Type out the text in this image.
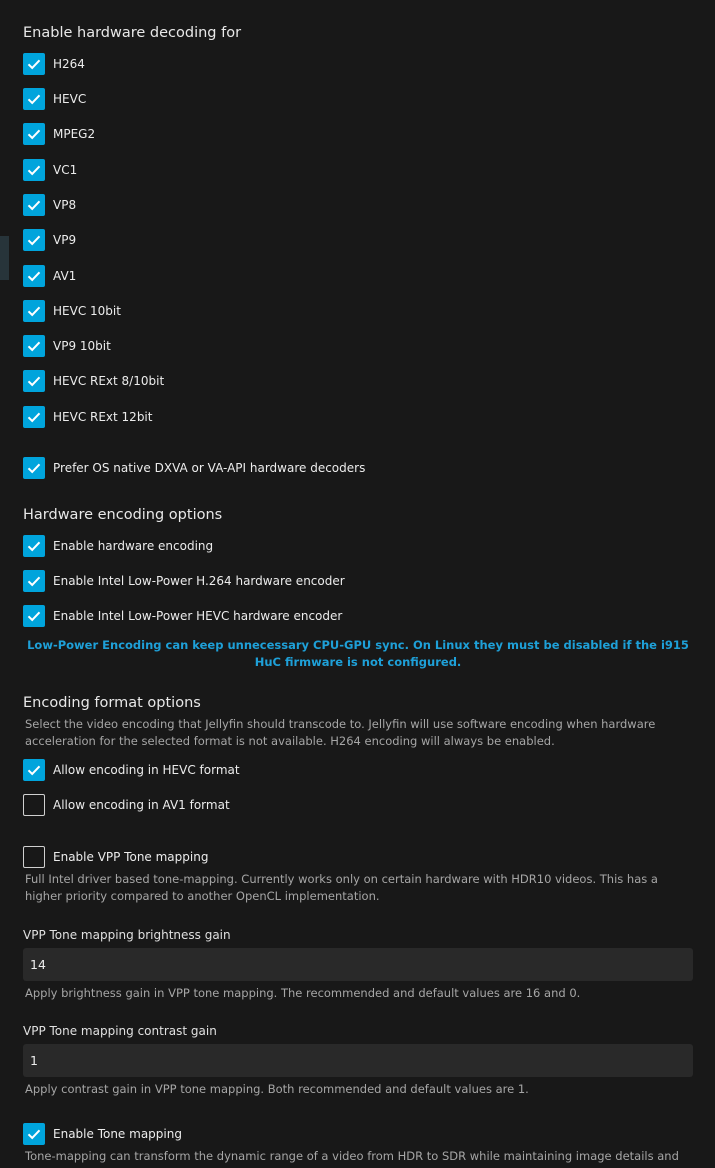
Enable hardware decoding for
H264
HEVC
MPEG2
VC1
VP8
VP9
AV1
HEVC 10bit
VP9 10bit
HEVC RExt 8/10bit
HEVC RExt 12bit
Prefer OS native DXVA or VA-API hardware decoders
Hardware encoding options
Enable hardware encoding
Enable Intel Low-Power H.264 hardware encoder
Enable Intel Low-Power HEVC hardware encoder
Low-Power Encoding can keep unnecessary CPU-GPU sync. On Linux they must be disabled if the i915 HuC firmware is not configured.
Encoding format options
Select the video encoding that Jellyfin should transcode to. Jellyfin will use software encoding when hardware acceleration for the selected format is not available. H264 encoding will always be enabled.
Allow encoding in HEVC format
Allow encoding in AV1 format
Enable VPP Tone mapping
Full Intel driver based tone-mapping. Currently works only on certain hardware with HDR10 videos. This has a higher priority compared to another OpenCL implementation.
VPP Tone mapping brightness gain
14
Apply brightness gain in VPP tone mapping. The recommended and default values are 16 and 0.
VPP Tone mapping contrast gain
1
Apply contrast gain in VPP tone mapping. Both recommended and default values are 1.
Enable Tone mapping
Tone-mapping can transform the dynamic range of a video from HDR to SDR while maintaining image details and
